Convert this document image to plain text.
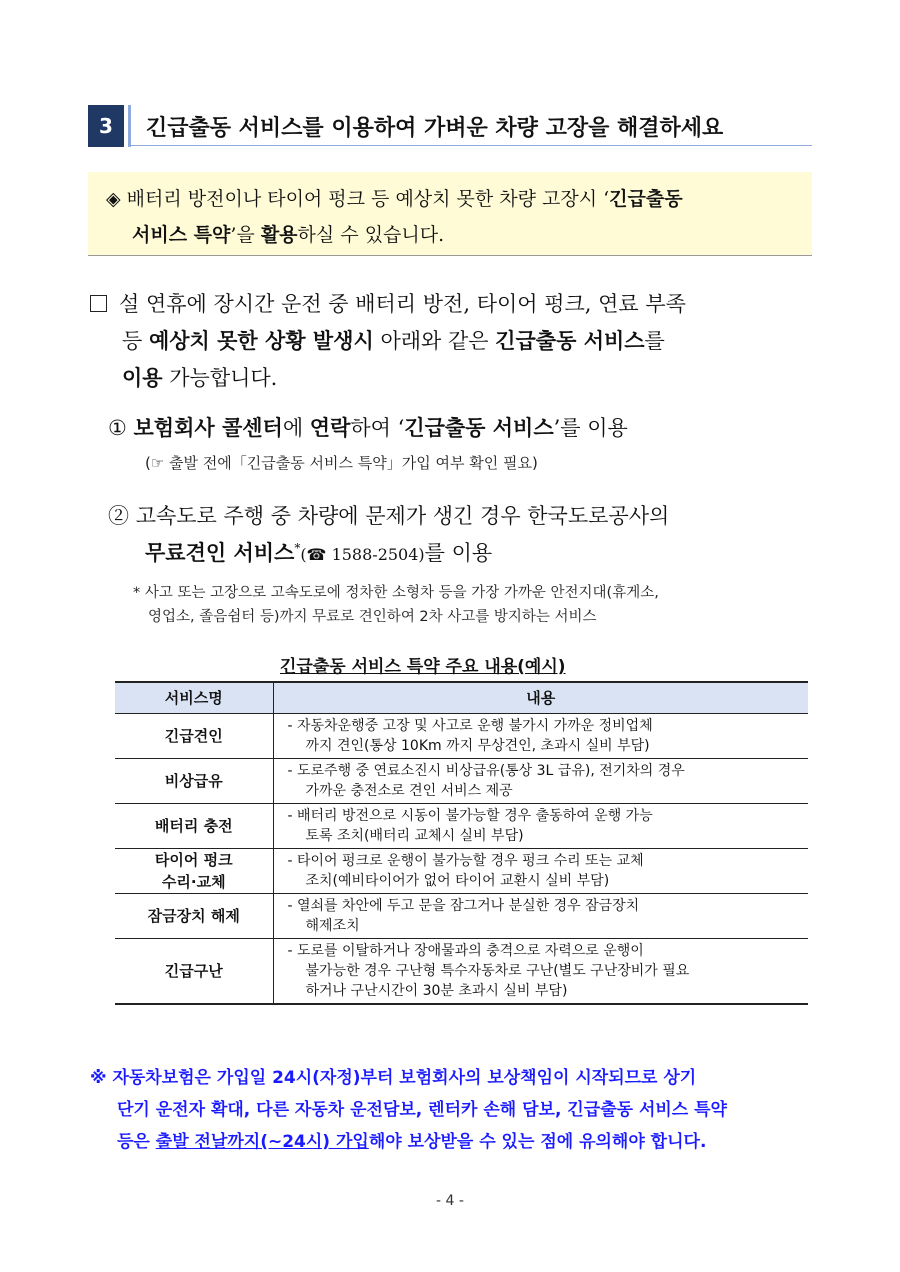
3	긴급출동 서비스를 이용하여 가벼운 차량 고장을 해결하세요
◈ 배터리 방전이나 타이어 펑크 등 예상치 못한 차량 고장시 ‘긴급출동
서비스 특약’을 활용하실 수 있습니다.
설 연휴에 장시간 운전 중 배터리 방전, 타이어 펑크, 연료 부족
등 예상치 못한 상황 발생시 아래와 같은 긴급출동 서비스를
이용 가능합니다.
① 보험회사 콜센터에 연락하여 ‘긴급출동 서비스’를 이용
(☞ 출발 전에「긴급출동 서비스 특약」가입 여부 확인 필요)
② 고속도로 주행 중 차량에 문제가 생긴 경우 한국도로공사의
무료견인 서비스*(☎ 1588-2504)를 이용
* 사고 또는 고장으로 고속도로에 정차한 소형차 등을 가장 가까운 안전지대(휴게소,
영업소, 졸음쉼터 등)까지 무료로 견인하여 2차 사고를 방지하는 서비스
긴급출동 서비스 특약 주요 내용(예시)
서비스명	내용

긴급견인	- 자동차운행중 고장 및 사고로 운행 불가시 가까운 정비업체
까지 견인(통상 10Km 까지 무상견인, 초과시 실비 부담)

비상급유	- 도로주행 중 연료소진시 비상급유(통상 3L 급유), 전기차의 경우
가까운 충전소로 견인 서비스 제공

배터리 충전	- 배터리 방전으로 시동이 불가능할 경우 출동하여 운행 가능
토록 조치(배터리 교체시 실비 부담)

타이어 펑크
수리·교체	- 타이어 펑크로 운행이 불가능할 경우 펑크 수리 또는 교체
조치(예비타이어가 없어 타이어 교환시 실비 부담)

잠금장치 해제	- 열쇠를 차안에 두고 문을 잠그거나 분실한 경우 잠금장치
해제조치

긴급구난	- 도로를 이탈하거나 장애물과의 충격으로 자력으로 운행이
불가능한 경우 구난형 특수자동차로 구난(별도 구난장비가 필요
하거나 구난시간이 30분 초과시 실비 부담)
※ 자동차보험은 가입일 24시(자정)부터 보험회사의 보상책임이 시작되므로 상기
단기 운전자 확대, 다른 자동차 운전담보, 렌터카 손해 담보, 긴급출동 서비스 특약
등은 출발 전날까지(~24시) 가입해야 보상받을 수 있는 점에 유의해야 합니다.
- 4 -
